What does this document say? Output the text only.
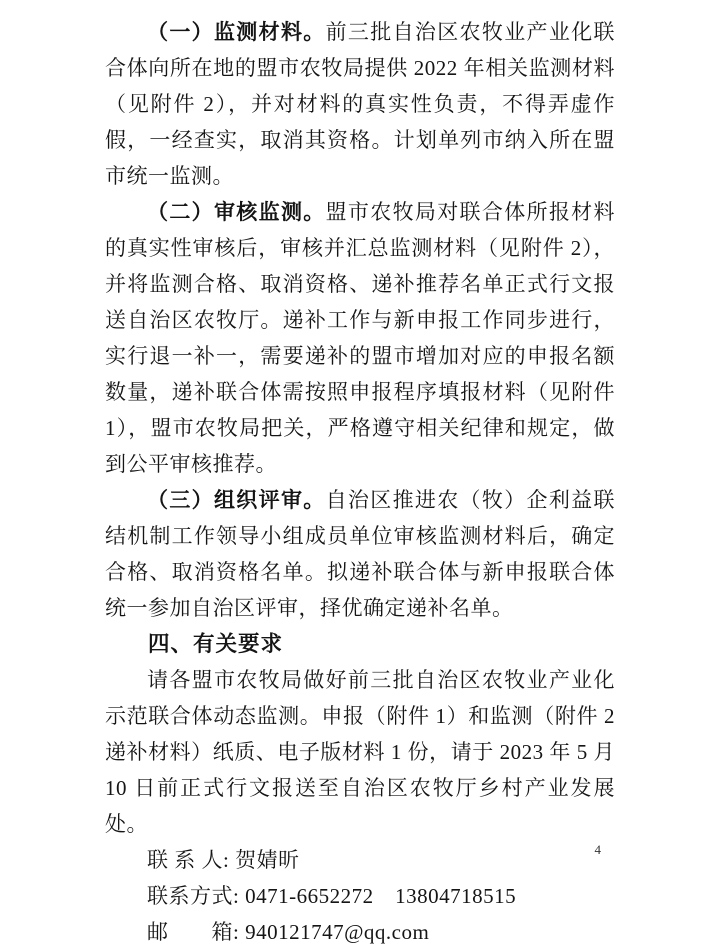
（一）监测材料。前三批自治区农牧业产业化联合体向所在地的盟市农牧局提供 2022 年相关监测材料（见附件 2），并对材料的真实性负责，不得弄虚作假，一经查实，取消其资格。计划单列市纳入所在盟市统一监测。

（二）审核监测。盟市农牧局对联合体所报材料的真实性审核后，审核并汇总监测材料（见附件 2），并将监测合格、取消资格、递补推荐名单正式行文报送自治区农牧厅。递补工作与新申报工作同步进行，实行退一补一，需要递补的盟市增加对应的申报名额数量，递补联合体需按照申报程序填报材料（见附件 1），盟市农牧局把关，严格遵守相关纪律和规定，做到公平审核推荐。

（三）组织评审。自治区推进农（牧）企利益联结机制工作领导小组成员单位审核监测材料后，确定合格、取消资格名单。拟递补联合体与新申报联合体统一参加自治区评审，择优确定递补名单。

四、有关要求

请各盟市农牧局做好前三批自治区农牧业产业化示范联合体动态监测。申报（附件 1）和监测（附件 2 递补材料）纸质、电子版材料 1 份，请于 2023 年 5 月 10 日前正式行文报送至自治区农牧厅乡村产业发展处。

联 系 人: 贺婧昕

联系方式: 0471-6652272　13804718515

邮　　箱: 940121747@qq.com

4
